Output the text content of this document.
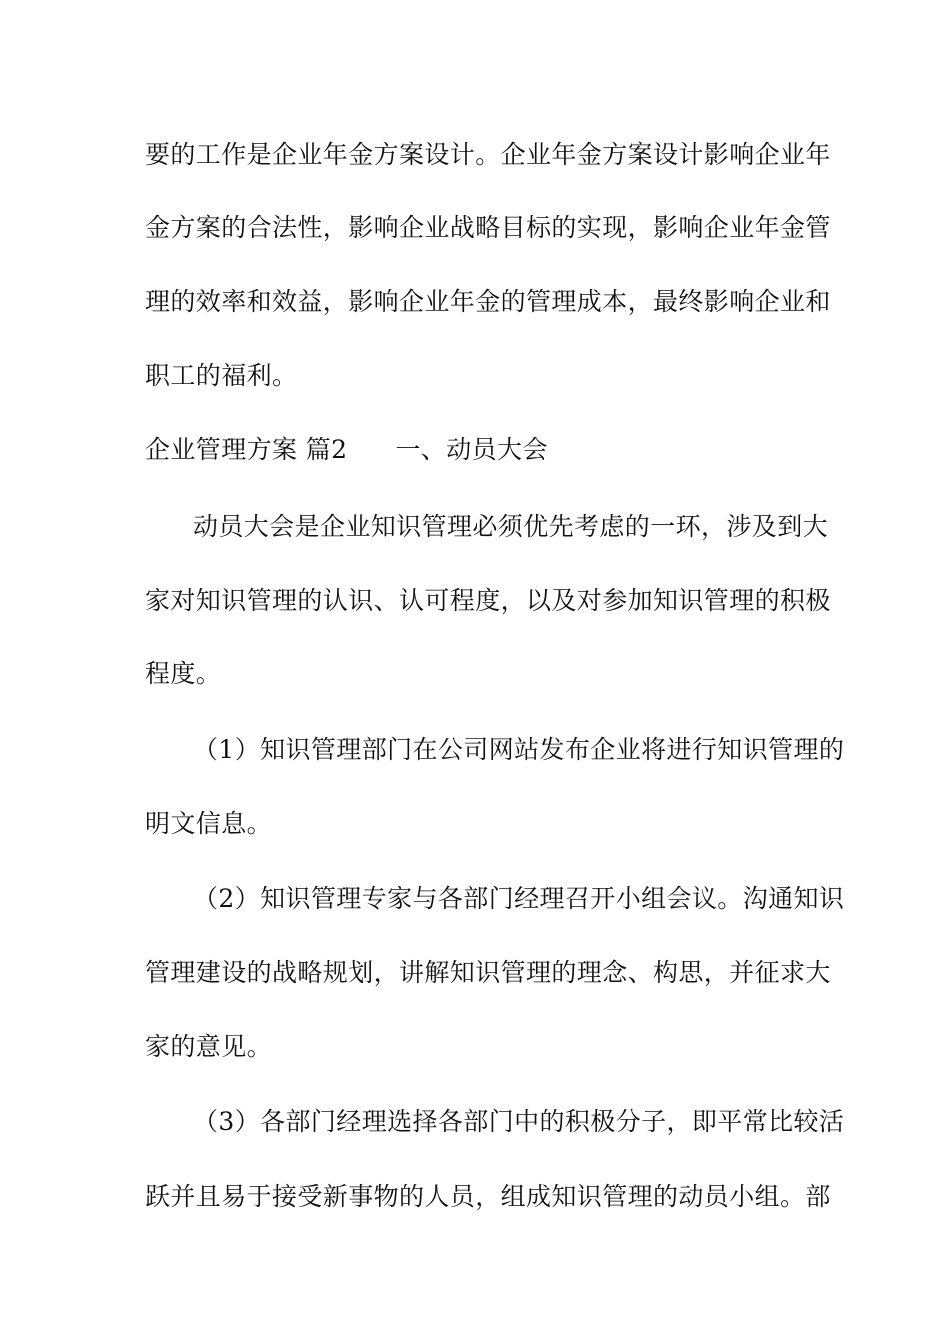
要的工作是企业年金方案设计。企业年金方案设计影响企业年
金方案的合法性，影响企业战略目标的实现，影响企业年金管
理的效率和效益，影响企业年金的管理成本，最终影响企业和
职工的福利。
企业管理方案 篇2 一、动员大会
动员大会是企业知识管理必须优先考虑的一环，涉及到大
家对知识管理的认识、认可程度，以及对参加知识管理的积极
程度。
（1）知识管理部门在公司网站发布企业将进行知识管理的
明文信息。
（2）知识管理专家与各部门经理召开小组会议。沟通知识
管理建设的战略规划，讲解知识管理的理念、构思，并征求大
家的意见。
（3）各部门经理选择各部门中的积极分子，即平常比较活
跃并且易于接受新事物的人员，组成知识管理的动员小组。部
